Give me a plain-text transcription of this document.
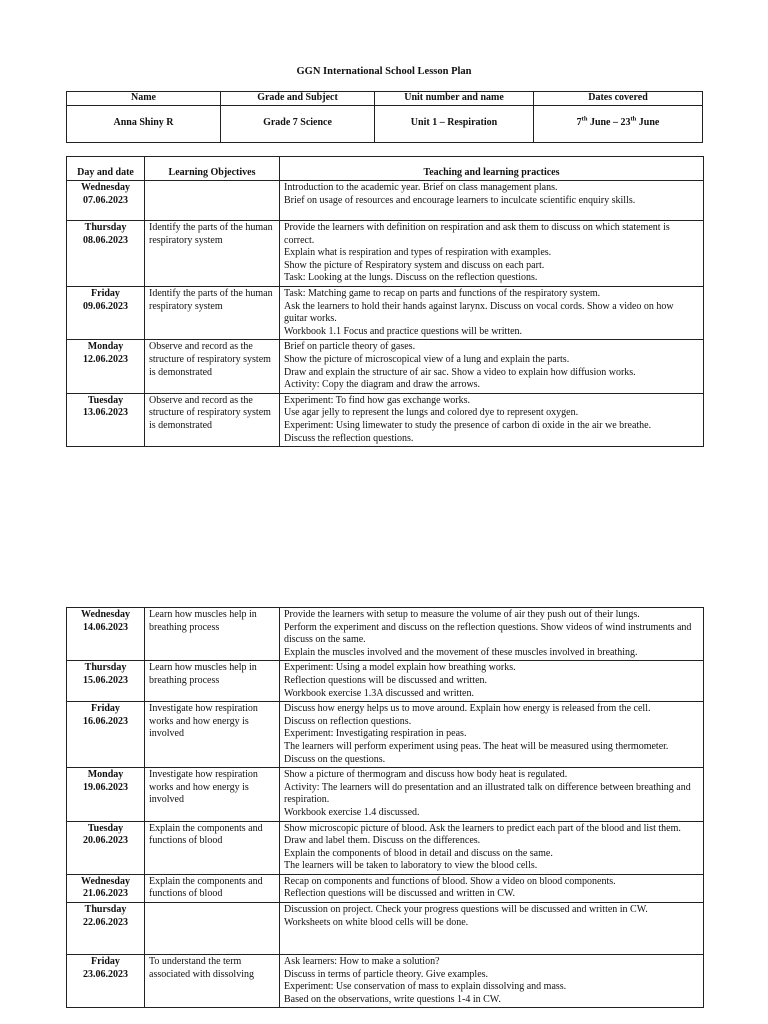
GGN International School Lesson Plan
Name	Grade and Subject	Unit number and name	Dates covered
Anna Shiny R	Grade 7 Science	Unit 1 – Respiration	7th June – 23th June
Day and date	Learning Objectives	Teaching and learning practices

Wednesday
07.06.2023		Introduction to the academic year. Brief on class management plans.
Brief on usage of resources and encourage learners to inculcate scientific enquiry skills.

Thursday
08.06.2023	Identify the parts of the human respiratory system	Provide the learners with definition on respiration and ask them to discuss on which statement is correct.
Explain what is respiration and types of respiration with examples.
Show the picture of Respiratory system and discuss on each part.
Task: Looking at the lungs. Discuss on the reflection questions.

Friday
09.06.2023	Identify the parts of the human respiratory system	Task: Matching game to recap on parts and functions of the respiratory system.
Ask the learners to hold their hands against larynx. Discuss on vocal cords. Show a video on how guitar works.
Workbook 1.1 Focus and practice questions will be written.

Monday
12.06.2023	Observe and record as the structure of respiratory system is demonstrated	Brief on particle theory of gases.
Show the picture of microscopical view of a lung and explain the parts.
Draw and explain the structure of air sac. Show a video to explain how diffusion works.
Activity: Copy the diagram and draw the arrows.

Tuesday
13.06.2023	Observe and record as the structure of respiratory system is demonstrated	Experiment: To find how gas exchange works.
Use agar jelly to represent the lungs and colored dye to represent oxygen.
Experiment: Using limewater to study the presence of carbon di oxide in the air we breathe.
Discuss the reflection questions.
Wednesday
14.06.2023	Learn how muscles help in breathing process	Provide the learners with setup to measure the volume of air they push out of their lungs.
Perform the experiment and discuss on the reflection questions. Show videos of wind instruments and discuss on the same.
Explain the muscles involved and the movement of these muscles involved in breathing.

Thursday
15.06.2023	Learn how muscles help in breathing process	Experiment: Using a model explain how breathing works.
Reflection questions will be discussed and written.
Workbook exercise 1.3A discussed and written.

Friday
16.06.2023	Investigate how respiration works and how energy is involved	Discuss how energy helps us to move around. Explain how energy is released from the cell.
Discuss on reflection questions.
Experiment: Investigating respiration in peas.
The learners will perform experiment using peas. The heat will be measured using thermometer. Discuss on the questions.

Monday
19.06.2023	Investigate how respiration works and how energy is involved	Show a picture of thermogram and discuss how body heat is regulated.
Activity: The learners will do presentation and an illustrated talk on difference between breathing and respiration.
Workbook exercise 1.4 discussed.

Tuesday
20.06.2023	Explain the components and functions of blood	Show microscopic picture of blood. Ask the learners to predict each part of the blood and list them. Draw and label them. Discuss on the differences.
Explain the components of blood in detail and discuss on the same.
The learners will be taken to laboratory to view the blood cells.

Wednesday
21.06.2023	Explain the components and functions of blood	Recap on components and functions of blood. Show a video on blood components.
Reflection questions will be discussed and written in CW.

Thursday
22.06.2023		Discussion on project. Check your progress questions will be discussed and written in CW.
Worksheets on white blood cells will be done.

Friday
23.06.2023	To understand the term associated with dissolving	Ask learners: How to make a solution?
Discuss in terms of particle theory. Give examples.
Experiment: Use conservation of mass to explain dissolving and mass.
Based on the observations, write questions 1-4 in CW.
